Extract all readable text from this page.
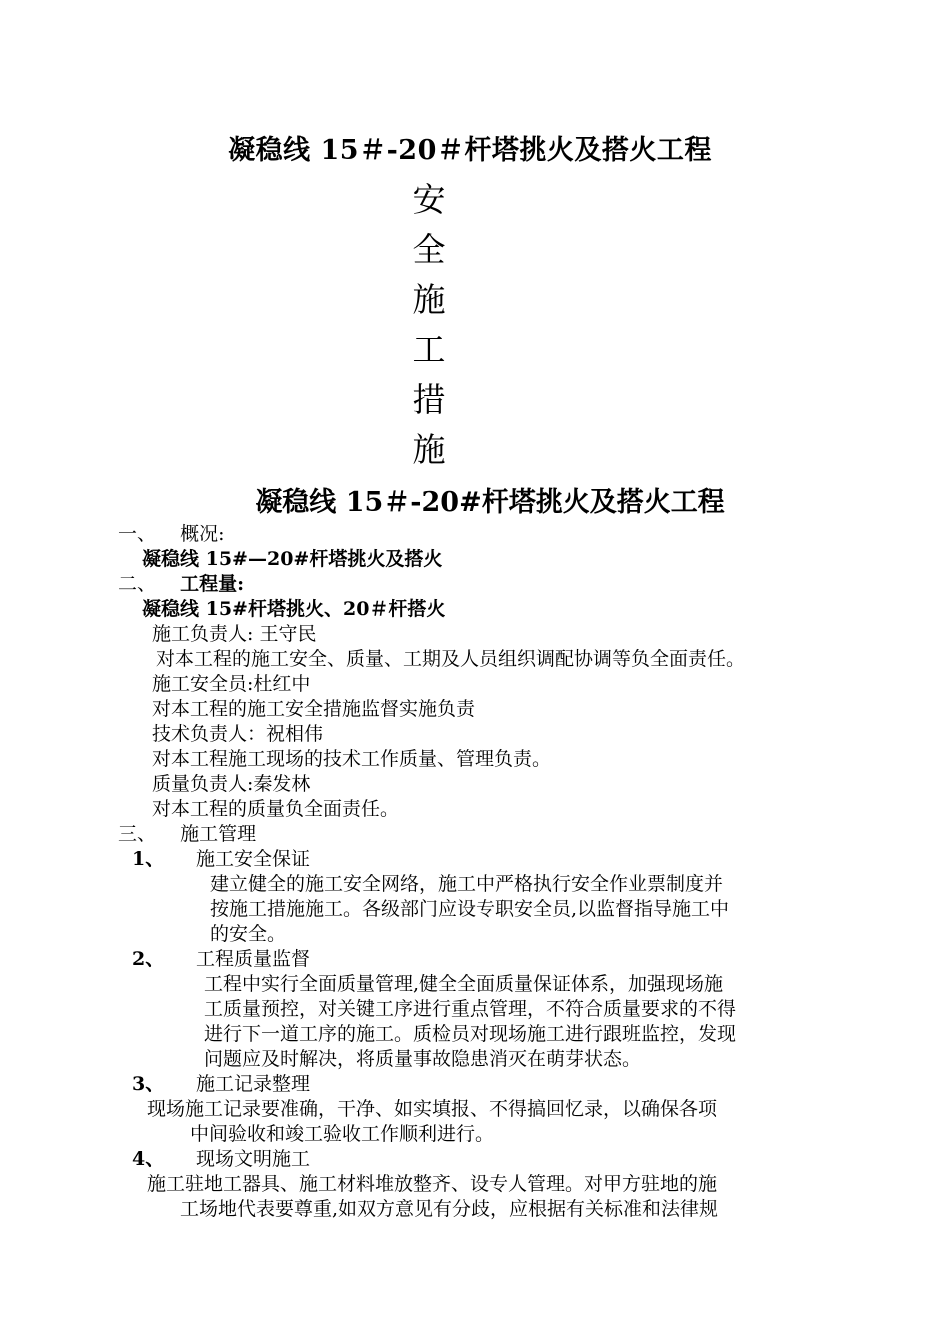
凝稳线 15＃-20＃杆塔挑火及搭火工程
安
全
施
工
措
施
凝稳线 15＃-20#杆塔挑火及搭火工程
一、 概况:
凝稳线 15#—20#杆塔挑火及搭火
二、 工程量:
凝稳线 15#杆塔挑火、20＃杆搭火
施工负责人: 王守民
对本工程的施工安全、质量、工期及人员组织调配协调等负全面责任。
施工安全员:杜红中
对本工程的施工安全措施监督实施负责
技术负责人：祝相伟
对本工程施工现场的技术工作质量、管理负责。
质量负责人:秦发林
对本工程的质量负全面责任。
三、 施工管理
1、 施工安全保证
建立健全的施工安全网络，施工中严格执行安全作业票制度并
按施工措施施工。各级部门应设专职安全员,以监督指导施工中
的安全。
2、 工程质量监督
工程中实行全面质量管理,健全全面质量保证体系，加强现场施
工质量预控，对关键工序进行重点管理，不符合质量要求的不得
进行下一道工序的施工。质检员对现场施工进行跟班监控，发现
问题应及时解决，将质量事故隐患消灭在萌芽状态。
3、 施工记录整理
现场施工记录要准确，干净、如实填报、不得搞回忆录，以确保各项
中间验收和竣工验收工作顺利进行。
4、 现场文明施工
施工驻地工器具、施工材料堆放整齐、设专人管理。对甲方驻地的施
工场地代表要尊重,如双方意见有分歧，应根据有关标准和法律规
